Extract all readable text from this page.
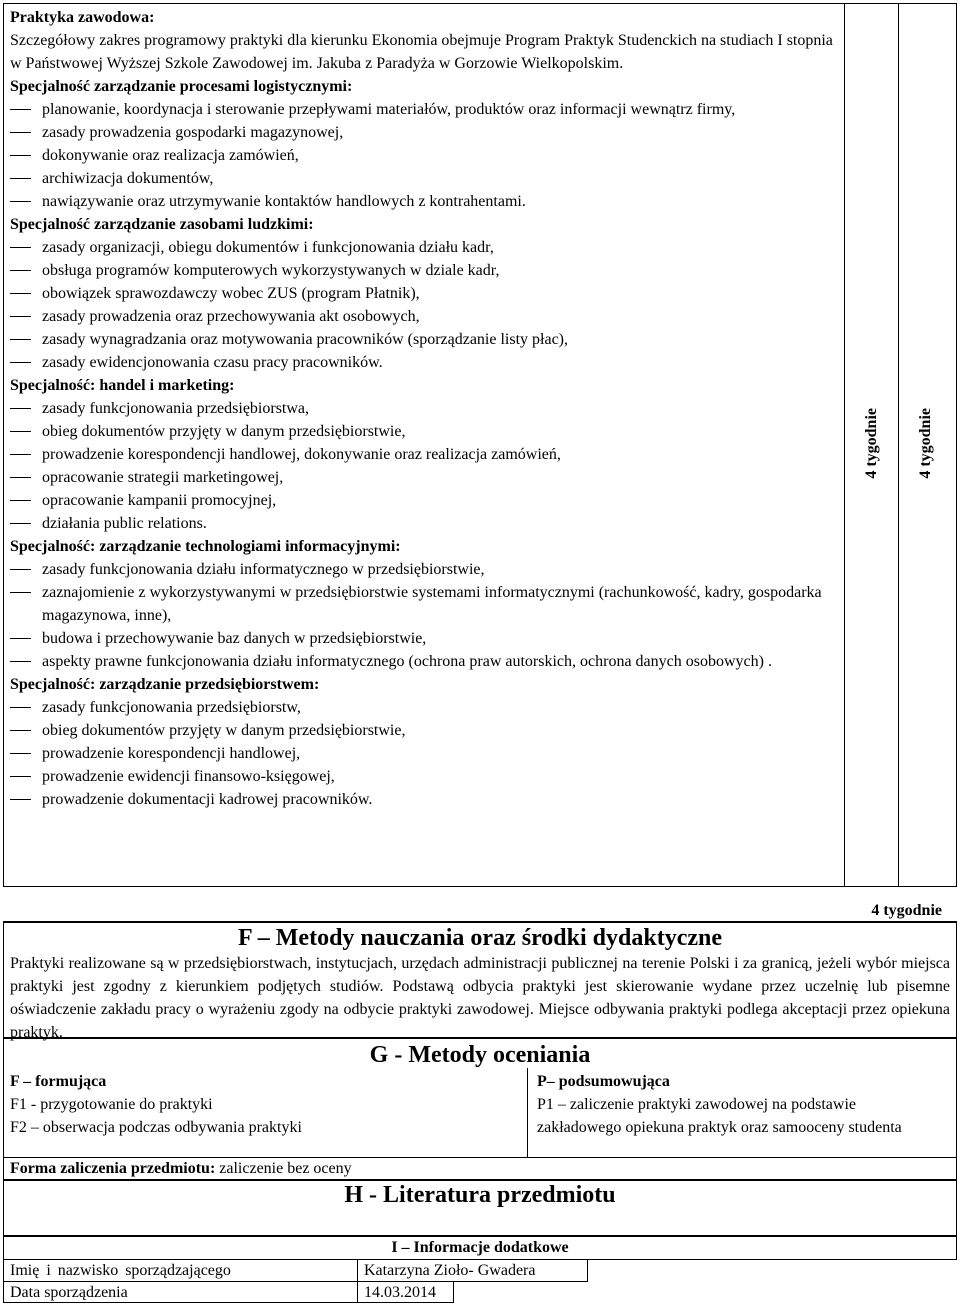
Praktyka zawodowa:
Szczegółowy zakres programowy praktyki dla kierunku Ekonomia obejmuje Program Praktyk Studenckich na studiach I stopnia w Państwowej Wyższej Szkole Zawodowej im. Jakuba z Paradyża w Gorzowie Wielkopolskim.
Specjalność zarządzanie procesami logistycznymi:
planowanie, koordynacja i sterowanie przepływami materiałów, produktów oraz informacji wewnątrz firmy,
zasady prowadzenia gospodarki magazynowej,
dokonywanie oraz realizacja zamówień,
archiwizacja dokumentów,
nawiązywanie oraz utrzymywanie kontaktów handlowych z kontrahentami.
Specjalność zarządzanie zasobami ludzkimi:
zasady organizacji, obiegu dokumentów i funkcjonowania działu kadr,
obsługa programów komputerowych wykorzystywanych w dziale kadr,
obowiązek sprawozdawczy wobec ZUS (program Płatnik),
zasady prowadzenia oraz przechowywania akt osobowych,
zasady wynagradzania oraz motywowania pracowników (sporządzanie listy płac),
zasady ewidencjonowania czasu pracy pracowników.
Specjalność: handel i marketing:
zasady funkcjonowania przedsiębiorstwa,
obieg dokumentów przyjęty w danym przedsiębiorstwie,
prowadzenie korespondencji handlowej, dokonywanie oraz realizacja zamówień,
opracowanie strategii marketingowej,
opracowanie kampanii promocyjnej,
działania public relations.
Specjalność: zarządzanie technologiami informacyjnymi:
zasady funkcjonowania działu informatycznego w przedsiębiorstwie,
zaznajomienie z wykorzystywanymi w przedsiębiorstwie systemami informatycznymi (rachunkowość, kadry, gospodarka magazynowa, inne),
budowa i przechowywanie baz danych w przedsiębiorstwie,
aspekty prawne funkcjonowania działu informatycznego (ochrona praw autorskich, ochrona danych osobowych) .
Specjalność: zarządzanie przedsiębiorstwem:
zasady funkcjonowania przedsiębiorstw,
obieg dokumentów przyjęty w danym przedsiębiorstwie,
prowadzenie korespondencji handlowej,
prowadzenie ewidencji finansowo-księgowej,
prowadzenie dokumentacji kadrowej pracowników.
4 tygodnie 4 tygodnie
4 tygodnie
F – Metody nauczania oraz środki dydaktyczne
Praktyki realizowane są w przedsiębiorstwach, instytucjach, urzędach administracji publicznej na terenie Polski i za granicą, jeżeli wybór miejsca praktyki jest zgodny z kierunkiem podjętych studiów. Podstawą odbycia praktyki jest skierowanie wydane przez uczelnię lub pisemne oświadczenie zakładu pracy o wyrażeniu zgody na odbycie praktyki zawodowej. Miejsce odbywania praktyki podlega akceptacji przez opiekuna praktyk.
G - Metody oceniania
F – formująca
F1 - przygotowanie do praktyki
F2 – obserwacja podczas odbywania praktyki
P– podsumowująca
P1 – zaliczenie praktyki zawodowej na podstawie zakładowego opiekuna praktyk oraz samooceny studenta
Forma zaliczenia przedmiotu: zaliczenie bez oceny
H - Literatura przedmiotu
I – Informacje dodatkowe
Imię i nazwisko sporządzającego	Katarzyna Zioło- Gwadera
Data sporządzenia	14.03.2014
